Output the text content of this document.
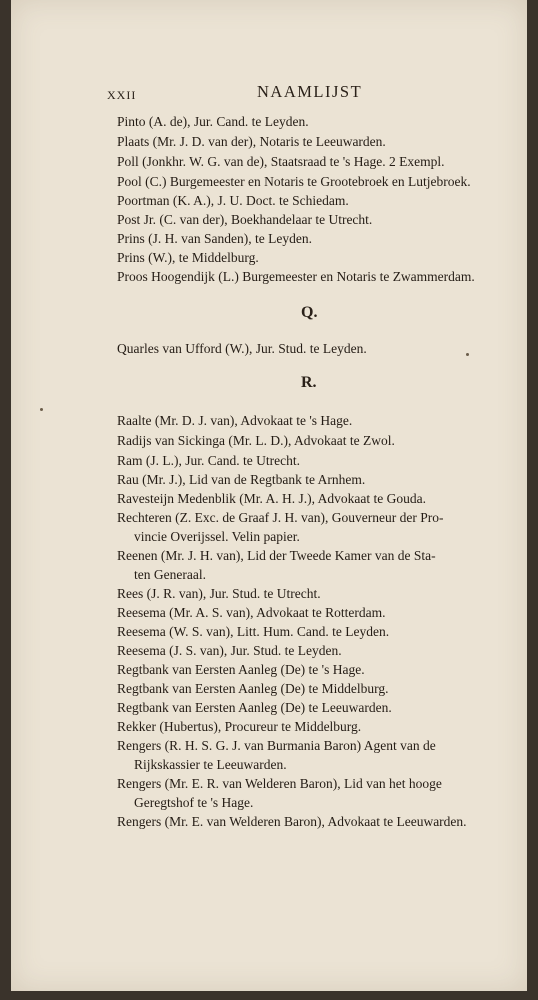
XXII	NAAMLIJST
Pinto (A. de), Jur. Cand. te Leyden.
Plaats (Mr. J. D. van der), Notaris te Leeuwarden.
Poll (Jonkhr. W. G. van de), Staatsraad te 's Hage. 2 Exempl.
Pool (C.) Burgemeester en Notaris te Grootebroek en Lutjebroek.
Poortman (K. A.), J. U. Doct. te Schiedam.
Post Jr. (C. van der), Boekhandelaar te Utrecht.
Prins (J. H. van Sanden), te Leyden.
Prins (W.), te Middelburg.
Proos Hoogendijk (L.) Burgemeester en Notaris te Zwammerdam.
Q.
Quarles van Ufford (W.), Jur. Stud. te Leyden.
R.
Raalte (Mr. D. J. van), Advokaat te 's Hage.
Radijs van Sickinga (Mr. L. D.), Advokaat te Zwol.
Ram (J. L.), Jur. Cand. te Utrecht.
Rau (Mr. J.), Lid van de Regtbank te Arnhem.
Ravesteijn Medenblik (Mr. A. H. J.), Advokaat te Gouda.
Rechteren (Z. Exc. de Graaf J. H. van), Gouverneur der Pro-
vincie Overijssel. Velin papier.
Reenen (Mr. J. H. van), Lid der Tweede Kamer van de Sta-
ten Generaal.
Rees (J. R. van), Jur. Stud. te Utrecht.
Reesema (Mr. A. S. van), Advokaat te Rotterdam.
Reesema (W. S. van), Litt. Hum. Cand. te Leyden.
Reesema (J. S. van), Jur. Stud. te Leyden.
Regtbank van Eersten Aanleg (De) te 's Hage.
Regtbank van Eersten Aanleg (De) te Middelburg.
Regtbank van Eersten Aanleg (De) te Leeuwarden.
Rekker (Hubertus), Procureur te Middelburg.
Rengers (R. H. S. G. J. van Burmania Baron) Agent van de
Rijkskassier te Leeuwarden.
Rengers (Mr. E. R. van Welderen Baron), Lid van het hooge
Geregtshof te 's Hage.
Rengers (Mr. E. van Welderen Baron), Advokaat te Leeuwarden.
